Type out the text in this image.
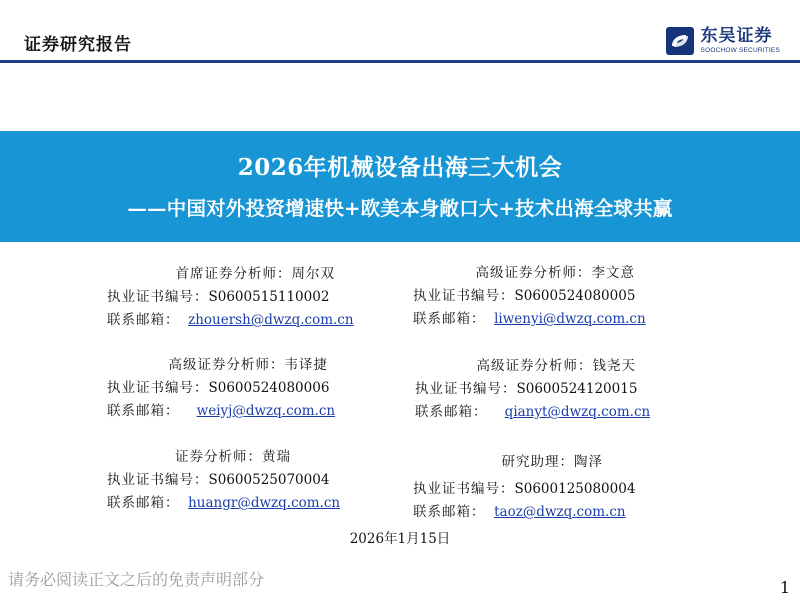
证券研究报告	东吴证券
SOOCHOW SECURITIES
2026年机械设备出海三大机会
——中国对外投资增速快+欧美本身敞口大+技术出海全球共赢
首席证券分析师：周尔双
执业证书编号：S0600515110002
联系邮箱： zhouersh@dwzq.com.cn
高级证券分析师：李文意
执业证书编号：S0600524080005
联系邮箱： liwenyi@dwzq.com.cn
高级证券分析师：韦译捷
执业证书编号：S0600524080006
联系邮箱： weiyj@dwzq.com.cn
高级证券分析师：钱尧天
执业证书编号：S0600524120015
联系邮箱： qianyt@dwzq.com.cn
证券分析师：黄瑞
执业证书编号：S0600525070004
联系邮箱： huangr@dwzq.com.cn
研究助理：陶泽
执业证书编号：S0600125080004
联系邮箱： taoz@dwzq.com.cn
2026年1月15日
请务必阅读正文之后的免责声明部分	1
